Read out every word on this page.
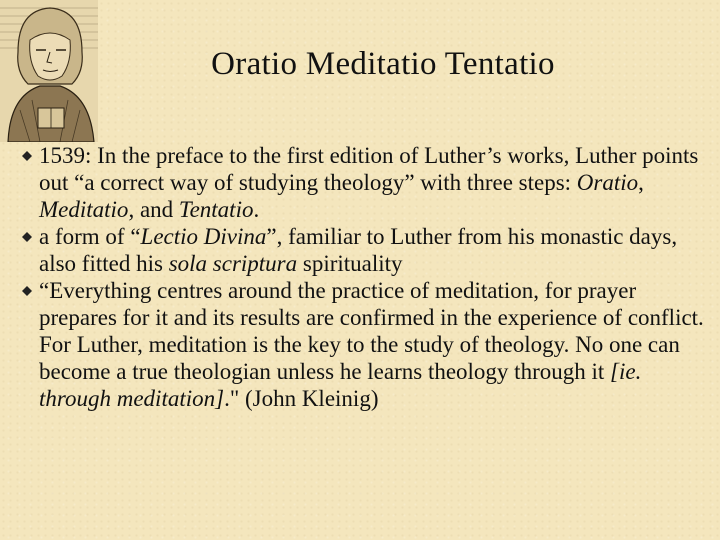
Oratio Meditatio Tentatio
1539: In the preface to the first edition of Luther’s works, Luther points out “a correct way of studying theology” with three steps: Oratio, Meditatio, and Tentatio.
a form of “Lectio Divina”, familiar to Luther from his monastic days, also fitted his sola scriptura spirituality
“Everything centres around the practice of meditation, for prayer prepares for it and its results are confirmed in the experience of conflict. For Luther, meditation is the key to the study of theology. No one can become a true theologian unless he learns theology through it [ie. through meditation]." (John Kleinig)
